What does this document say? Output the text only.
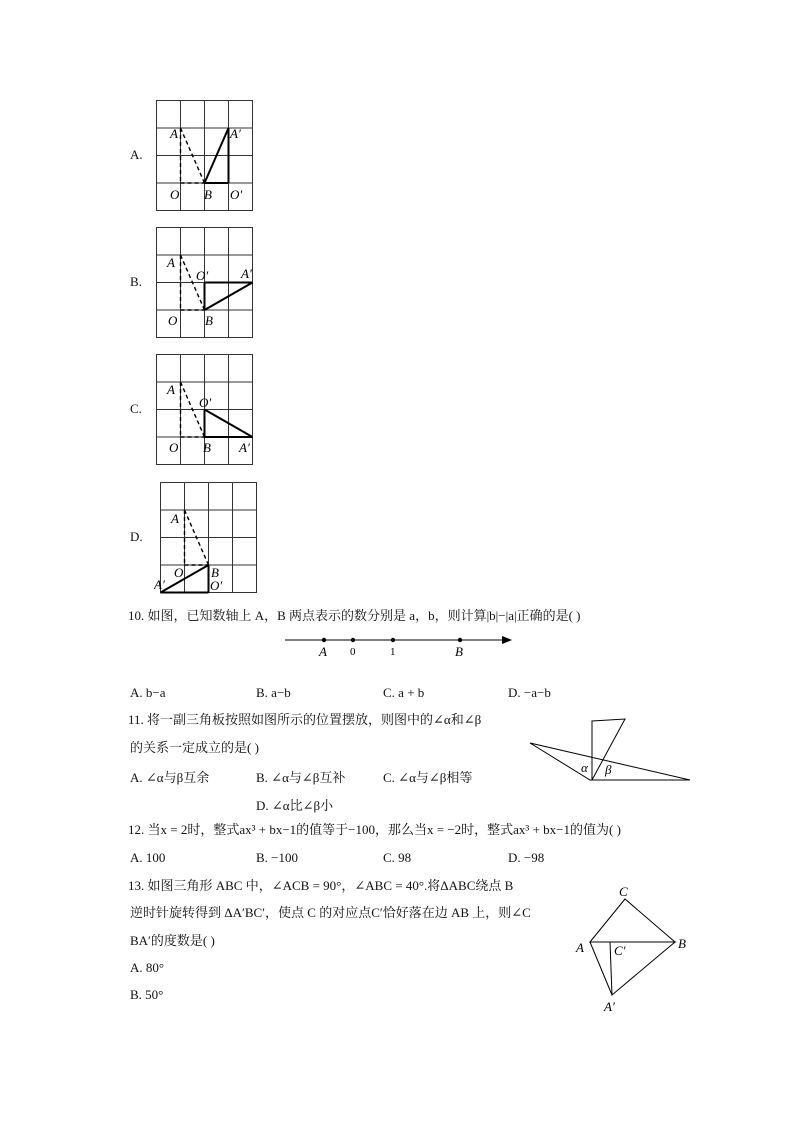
A.
A	A′
O B O′
B.
A
O′	A′
O B
C.
A
O′
O B A′
D.
A
O B
A′	O′
10. 如图，已知数轴上 A，B 两点表示的数分别是 a，b，则计算|b|−|a|正确的是( )
A 0	1	B
A. b−a	B. a−b	C. a + b	D. −a−b
11. 将一副三角板按照如图所示的位置摆放，则图中的∠α和∠β
的关系一定成立的是( )
A. ∠α与β互余	B. ∠α与∠β互补	C. ∠α与∠β相等
D. ∠α比∠β小
α β
12. 当x = 2时，整式ax³ + bx−1的值等于−100，那么当x = −2时，整式ax³ + bx−1的值为( )
A. 100	B. −100	C. 98	D. −98
13. 如图三角形 ABC 中，∠ACB = 90°，∠ABC = 40°.将ΔABC绕点 B
逆时针旋转得到 ΔA′BC′，使点 C 的对应点C′恰好落在边 AB 上，则∠C
BA′的度数是( )
A. 80°
B. 50°
C
A	B
C′
A′
